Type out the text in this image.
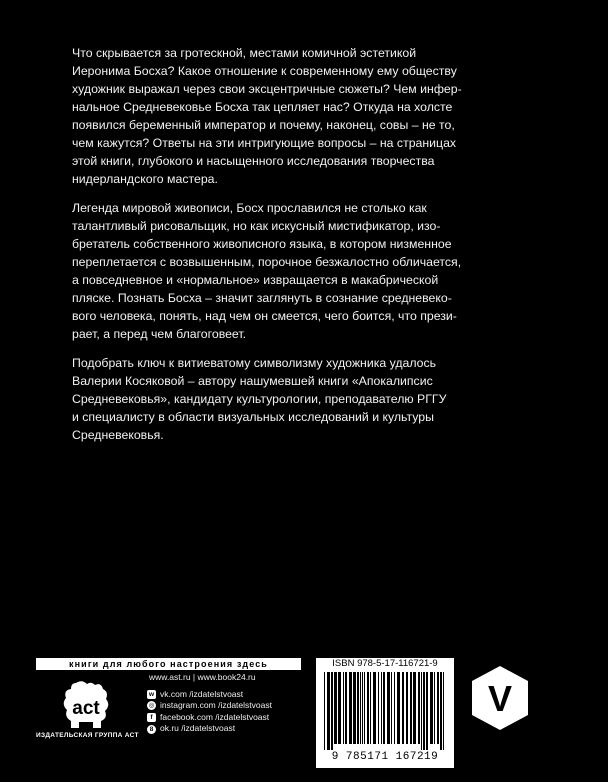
Что скрывается за гротескной, местами комичной эстетикой
Иеронима Босха? Какое отношение к современному ему обществу
художник выражал через свои эксцентричные сюжеты? Чем инфер-
нальное Средневековье Босха так цепляет нас? Откуда на холсте
появился беременный император и почему, наконец, совы – не то,
чем кажутся? Ответы на эти интригующие вопросы – на страницах
этой книги, глубокого и насыщенного исследования творчества
нидерландского мастера.

Легенда мировой живописи, Босх прославился не столько как
талантливый рисовальщик, но как искусный мистификатор, изо-
бретатель собственного живописного языка, в котором низменное
переплетается с возвышенным, порочное безжалостно обличается,
а повседневное и «нормальное» извращается в макабрической
пляске. Познать Босха – значит заглянуть в сознание средневеко-
вого человека, понять, над чем он смеется, чего боится, что прези-
рает, а перед чем благоговеет.

Подобрать ключ к витиеватому символизму художника удалось
Валерии Косяковой – автору нашумевшей книги «Апокалипсис
Средневековья», кандидату культурологии, преподавателю РГГУ
и специалисту в области визуальных исследований и культуры
Средневековья.

книги для любого настроения здесь
act
ИЗДАТЕЛЬСКАЯ ГРУППА АСТ
www.ast.ru | www.book24.ru
w vk.com /izdatelstvoast
◎ instagram.com /izdatelstvoast
f facebook.com /izdatelstvoast
8 ok.ru /izdatelstvoast
ISBN 978-5-17-116721-9
9 785171 167219
V
